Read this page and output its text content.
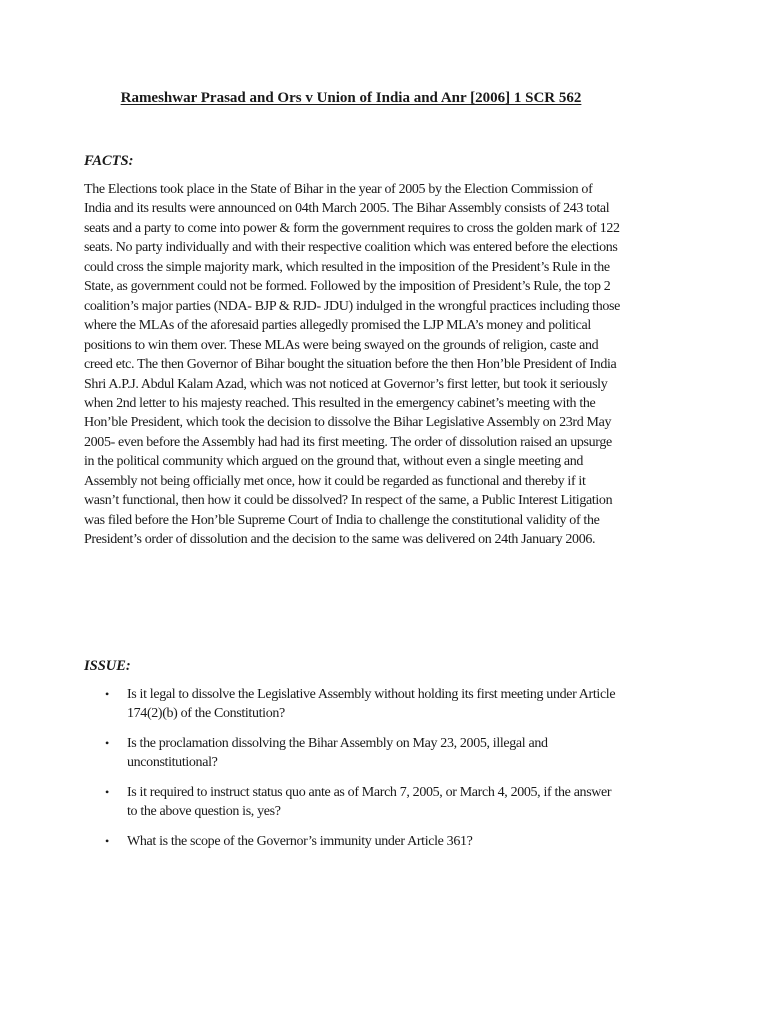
Rameshwar Prasad and Ors v Union of India and Anr [2006] 1 SCR 562
FACTS:

The Elections took place in the State of Bihar in the year of 2005 by the Election Commission of India and its results were announced on 04th March 2005. The Bihar Assembly consists of 243 total seats and a party to come into power & form the government requires to cross the golden mark of 122 seats. No party individually and with their respective coalition which was entered before the elections could cross the simple majority mark, which resulted in the imposition of the President’s Rule in the State, as government could not be formed. Followed by the imposition of President’s Rule, the top 2 coalition’s major parties (NDA- BJP & RJD- JDU) indulged in the wrongful practices including those where the MLAs of the aforesaid parties allegedly promised the LJP MLA’s money and political positions to win them over. These MLAs were being swayed on the grounds of religion, caste and creed etc. The then Governor of Bihar bought the situation before the then Hon’ble President of India Shri A.P.J. Abdul Kalam Azad, which was not noticed at Governor’s first letter, but took it seriously when 2nd letter to his majesty reached. This resulted in the emergency cabinet’s meeting with the Hon’ble President, which took the decision to dissolve the Bihar Legislative Assembly on 23rd May 2005- even before the Assembly had had its first meeting. The order of dissolution raised an upsurge in the political community which argued on the ground that, without even a single meeting and Assembly not being officially met once, how it could be regarded as functional and thereby if it wasn’t functional, then how it could be dissolved? In respect of the same, a Public Interest Litigation was filed before the Hon’ble Supreme Court of India to challenge the constitutional validity of the President’s order of dissolution and the decision to the same was delivered on 24th January 2006.

ISSUE:
• Is it legal to dissolve the Legislative Assembly without holding its first meeting under Article 174(2)(b) of the Constitution?
• Is the proclamation dissolving the Bihar Assembly on May 23, 2005, illegal and unconstitutional?
• Is it required to instruct status quo ante as of March 7, 2005, or March 4, 2005, if the answer to the above question is, yes?
• What is the scope of the Governor’s immunity under Article 361?
